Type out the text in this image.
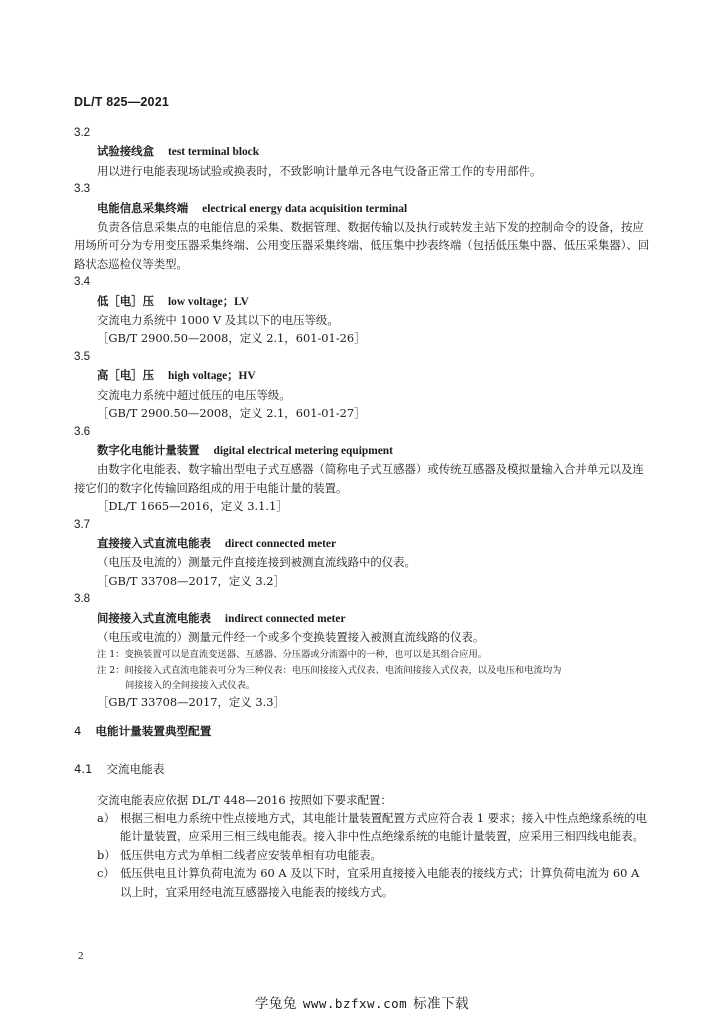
DL/T 825—2021
3.2
试验接线盒 test terminal block
用以进行电能表现场试验或换表时，不致影响计量单元各电气设备正常工作的专用部件。
3.3
电能信息采集终端 electrical energy data acquisition terminal
负责各信息采集点的电能信息的采集、数据管理、数据传输以及执行或转发主站下发的控制命令的设备，按应用场所可分为专用变压器采集终端、公用变压器采集终端、低压集中抄表终端（包括低压集中器、低压采集器）、回路状态巡检仪等类型。
3.4
低［电］压 low voltage；LV
交流电力系统中 1000 V 及其以下的电压等级。
［GB/T 2900.50—2008，定义 2.1，601-01-26］
3.5
高［电］压 high voltage；HV
交流电力系统中超过低压的电压等级。
［GB/T 2900.50—2008，定义 2.1，601-01-27］
3.6
数字化电能计量装置 digital electrical metering equipment
由数字化电能表、数字输出型电子式互感器（简称电子式互感器）或传统互感器及模拟量输入合并单元以及连接它们的数字化传输回路组成的用于电能计量的装置。
［DL/T 1665—2016，定义 3.1.1］
3.7
直接接入式直流电能表 direct connected meter
（电压及电流的）测量元件直接连接到被测直流线路中的仪表。
［GB/T 33708—2017，定义 3.2］
3.8
间接接入式直流电能表 indirect connected meter
（电压或电流的）测量元件经一个或多个变换装置接入被测直流线路的仪表。
注 1：变换装置可以是直流变送器、互感器、分压器或分流器中的一种，也可以是其组合应用。
注 2：间接接入式直流电能表可分为三种仪表：电压间接接入式仪表、电流间接接入式仪表，以及电压和电流均为
间接接入的全间接接入式仪表。
［GB/T 33708—2017，定义 3.3］
4 电能计量装置典型配置
4.1 交流电能表
交流电能表应依据 DL/T 448—2016 按照如下要求配置：
a） 根据三相电力系统中性点接地方式，其电能计量装置配置方式应符合表 1 要求；接入中性点绝缘系统的电能计量装置，应采用三相三线电能表。接入非中性点绝缘系统的电能计量装置，应采用三相四线电能表。
b） 低压供电方式为单相二线者应安装单相有功电能表。
c） 低压供电且计算负荷电流为 60 A 及以下时，宜采用直接接入电能表的接线方式；计算负荷电流为 60 A 以上时，宜采用经电流互感器接入电能表的接线方式。
2
学兔兔 www.bzfxw.com 标准下载
